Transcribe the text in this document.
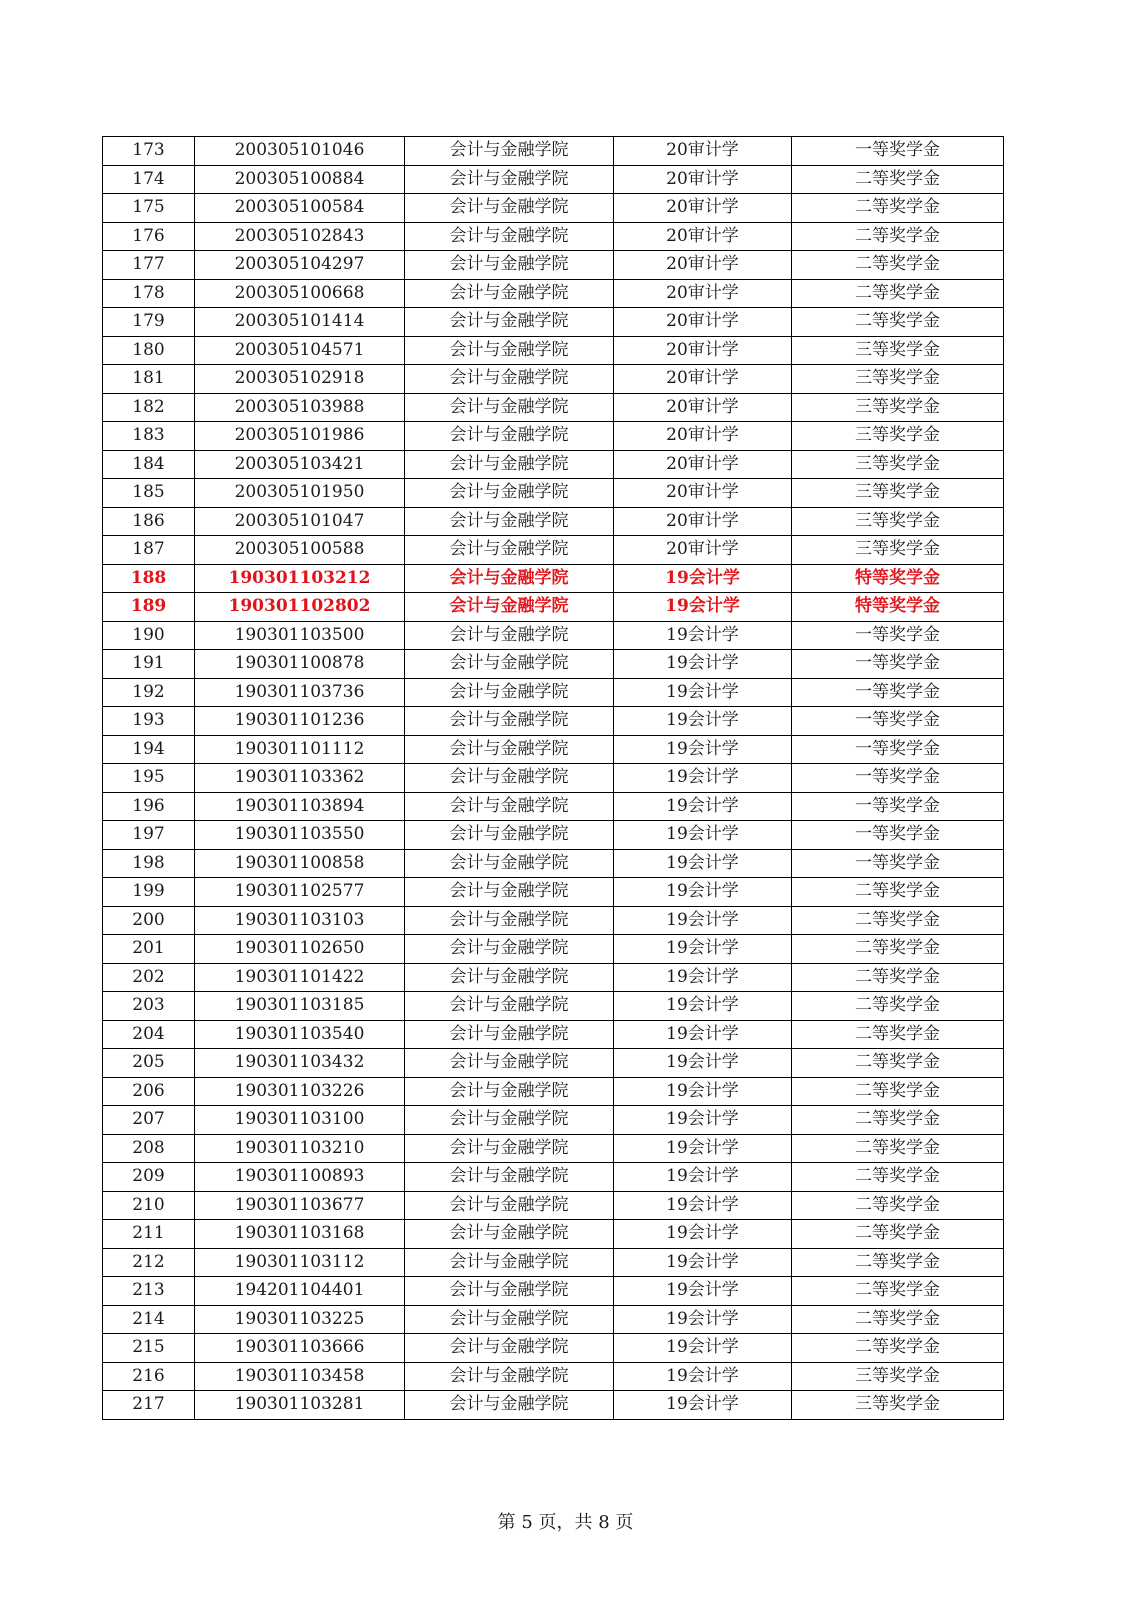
173	200305101046	会计与金融学院	20审计学	一等奖学金
174	200305100884	会计与金融学院	20审计学	二等奖学金
175	200305100584	会计与金融学院	20审计学	二等奖学金
176	200305102843	会计与金融学院	20审计学	二等奖学金
177	200305104297	会计与金融学院	20审计学	二等奖学金
178	200305100668	会计与金融学院	20审计学	二等奖学金
179	200305101414	会计与金融学院	20审计学	二等奖学金
180	200305104571	会计与金融学院	20审计学	三等奖学金
181	200305102918	会计与金融学院	20审计学	三等奖学金
182	200305103988	会计与金融学院	20审计学	三等奖学金
183	200305101986	会计与金融学院	20审计学	三等奖学金
184	200305103421	会计与金融学院	20审计学	三等奖学金
185	200305101950	会计与金融学院	20审计学	三等奖学金
186	200305101047	会计与金融学院	20审计学	三等奖学金
187	200305100588	会计与金融学院	20审计学	三等奖学金
188	190301103212	会计与金融学院	19会计学	特等奖学金
189	190301102802	会计与金融学院	19会计学	特等奖学金
190	190301103500	会计与金融学院	19会计学	一等奖学金
191	190301100878	会计与金融学院	19会计学	一等奖学金
192	190301103736	会计与金融学院	19会计学	一等奖学金
193	190301101236	会计与金融学院	19会计学	一等奖学金
194	190301101112	会计与金融学院	19会计学	一等奖学金
195	190301103362	会计与金融学院	19会计学	一等奖学金
196	190301103894	会计与金融学院	19会计学	一等奖学金
197	190301103550	会计与金融学院	19会计学	一等奖学金
198	190301100858	会计与金融学院	19会计学	一等奖学金
199	190301102577	会计与金融学院	19会计学	二等奖学金
200	190301103103	会计与金融学院	19会计学	二等奖学金
201	190301102650	会计与金融学院	19会计学	二等奖学金
202	190301101422	会计与金融学院	19会计学	二等奖学金
203	190301103185	会计与金融学院	19会计学	二等奖学金
204	190301103540	会计与金融学院	19会计学	二等奖学金
205	190301103432	会计与金融学院	19会计学	二等奖学金
206	190301103226	会计与金融学院	19会计学	二等奖学金
207	190301103100	会计与金融学院	19会计学	二等奖学金
208	190301103210	会计与金融学院	19会计学	二等奖学金
209	190301100893	会计与金融学院	19会计学	二等奖学金
210	190301103677	会计与金融学院	19会计学	二等奖学金
211	190301103168	会计与金融学院	19会计学	二等奖学金
212	190301103112	会计与金融学院	19会计学	二等奖学金
213	194201104401	会计与金融学院	19会计学	二等奖学金
214	190301103225	会计与金融学院	19会计学	二等奖学金
215	190301103666	会计与金融学院	19会计学	二等奖学金
216	190301103458	会计与金融学院	19会计学	三等奖学金
217	190301103281	会计与金融学院	19会计学	三等奖学金
第 5 页，共 8 页
